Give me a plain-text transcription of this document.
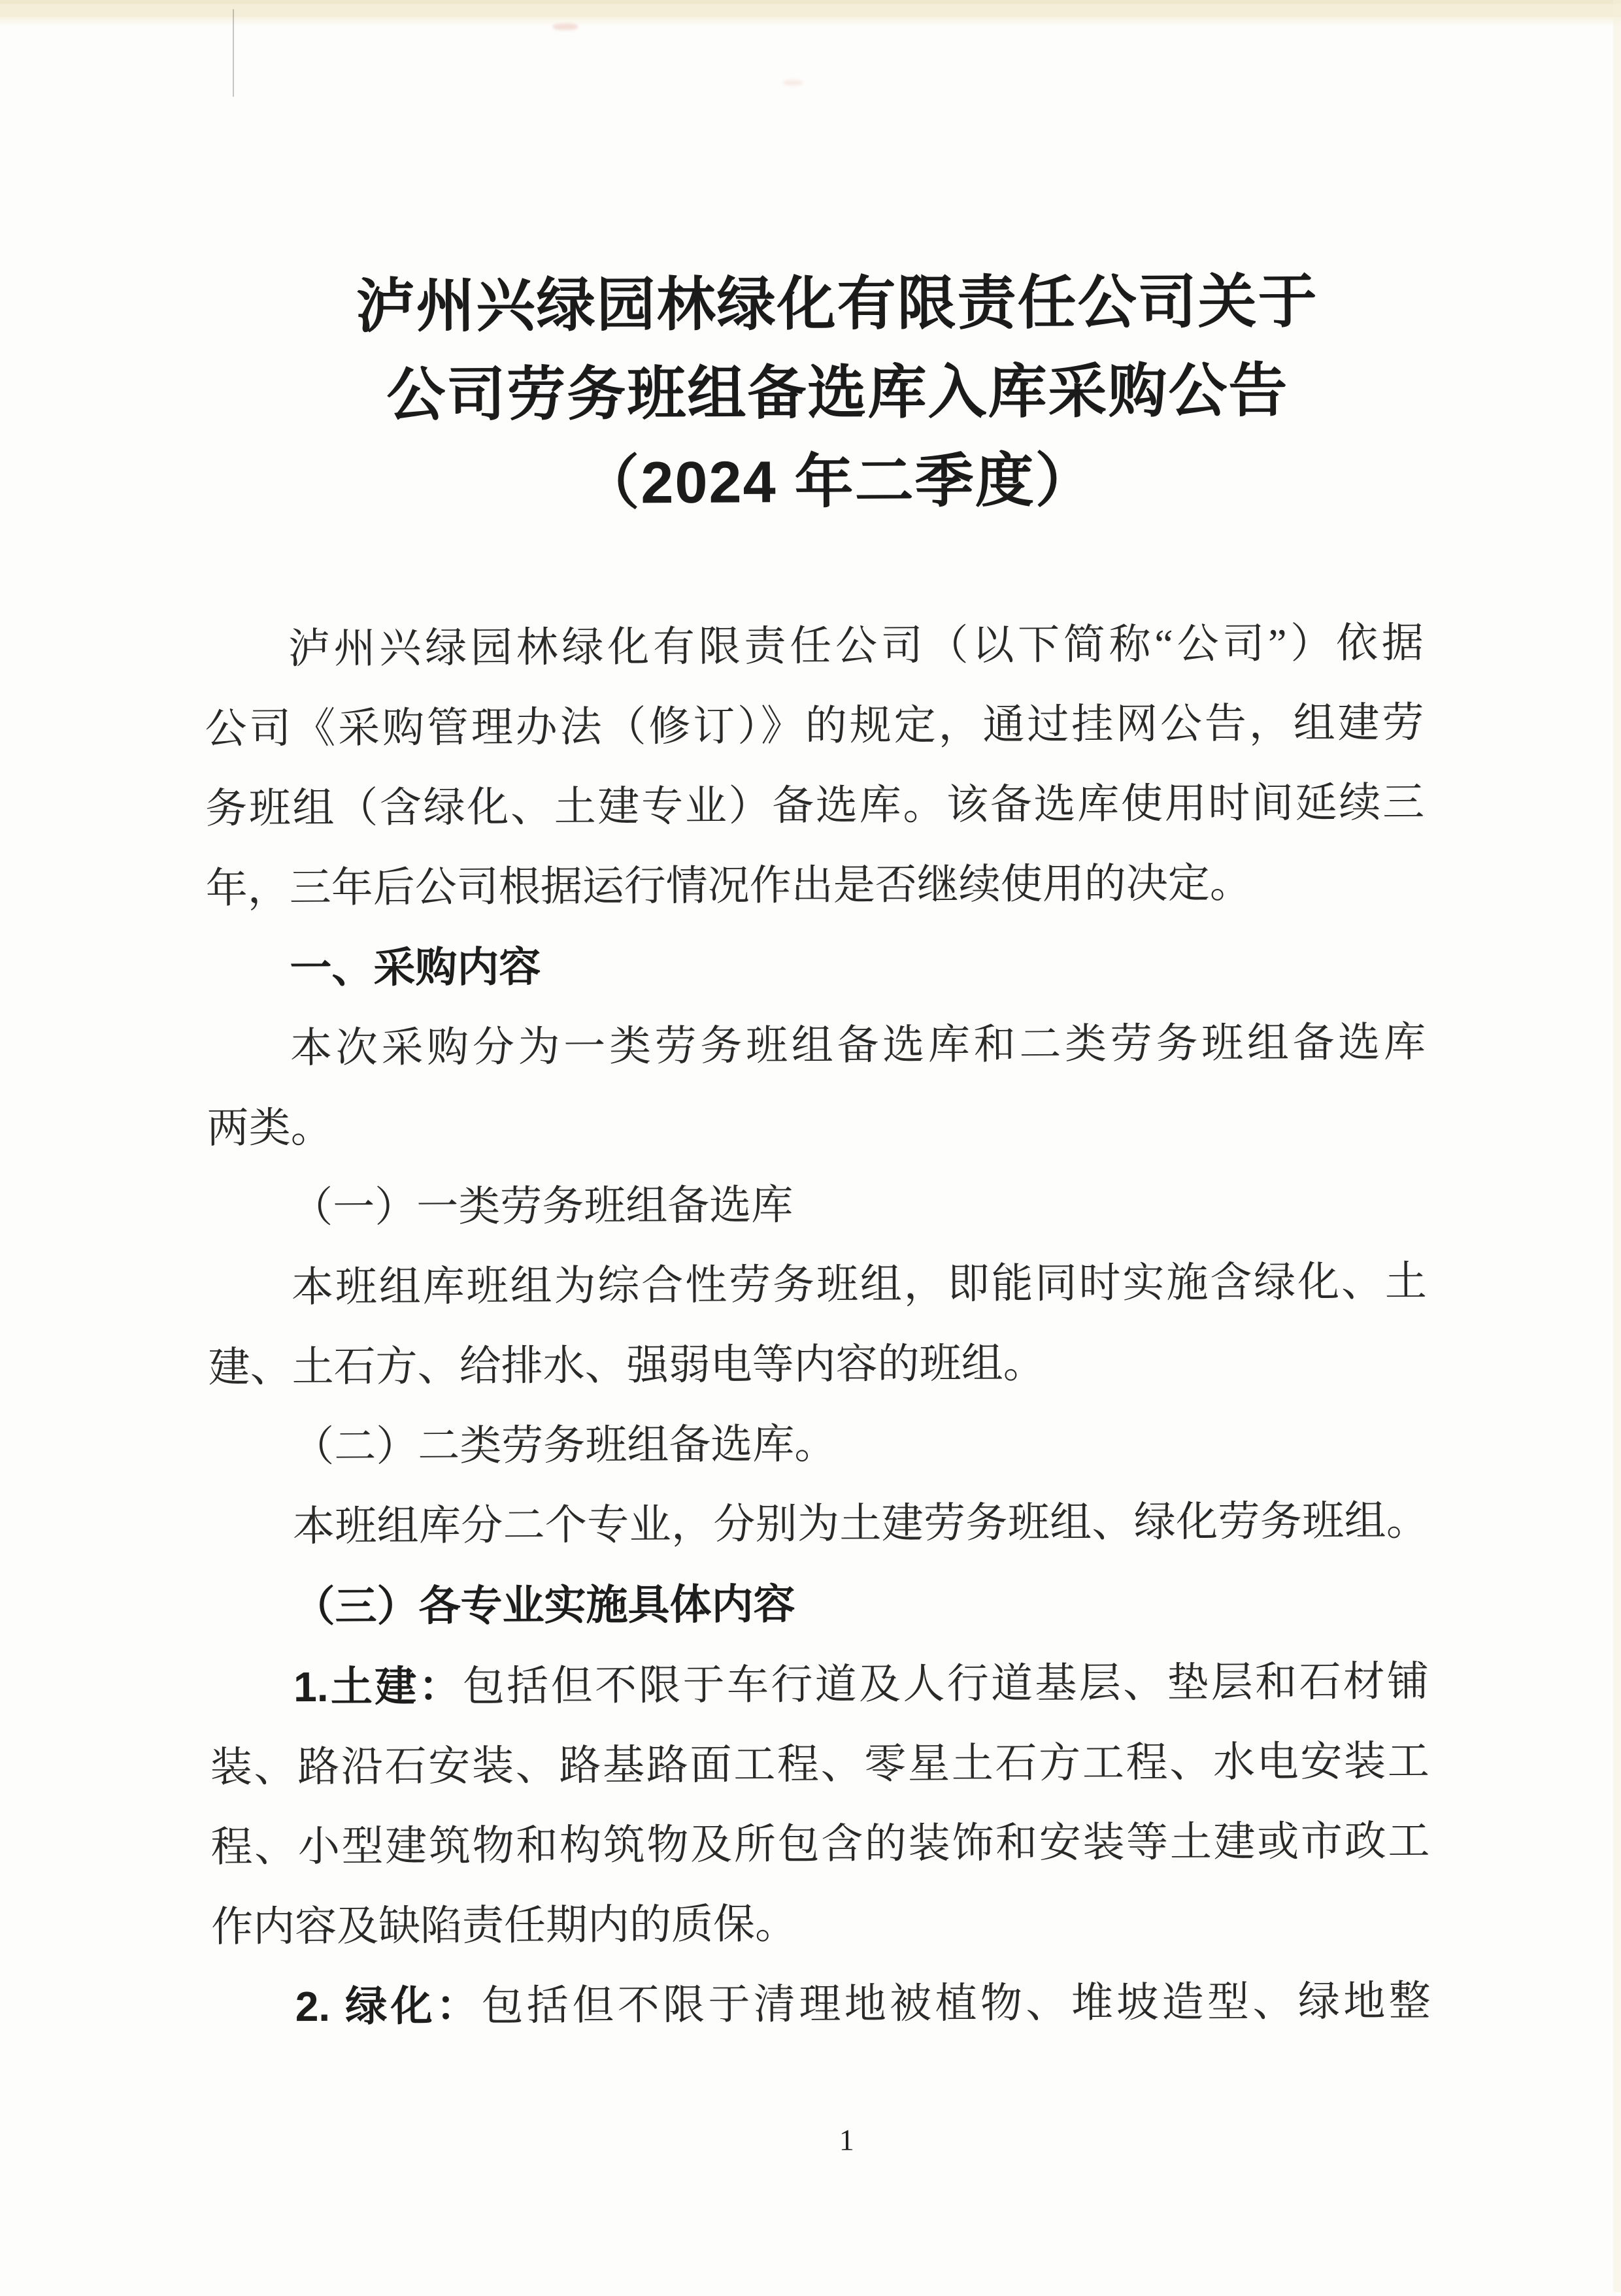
泸州兴绿园林绿化有限责任公司关于
公司劳务班组备选库入库采购公告
（2024 年二季度）

泸州兴绿园林绿化有限责任公司（以下简称“公司”）依据

公司《采购管理办法（修订）》的规定，通过挂网公告，组建劳

务班组（含绿化、土建专业）备选库。该备选库使用时间延续三

年，三年后公司根据运行情况作出是否继续使用的决定。

一、采购内容

本次采购分为一类劳务班组备选库和二类劳务班组备选库

两类。

（一）一类劳务班组备选库

本班组库班组为综合性劳务班组，即能同时实施含绿化、土

建、土石方、给排水、强弱电等内容的班组。

（二）二类劳务班组备选库。

本班组库分二个专业，分别为土建劳务班组、绿化劳务班组。

（三）各专业实施具体内容

1.土建：包括但不限于车行道及人行道基层、垫层和石材铺

装、路沿石安装、路基路面工程、零星土石方工程、水电安装工

程、小型建筑物和构筑物及所包含的装饰和安装等土建或市政工

作内容及缺陷责任期内的质保。

2. 绿化：包括但不限于清理地被植物、堆坡造型、绿地整

1
